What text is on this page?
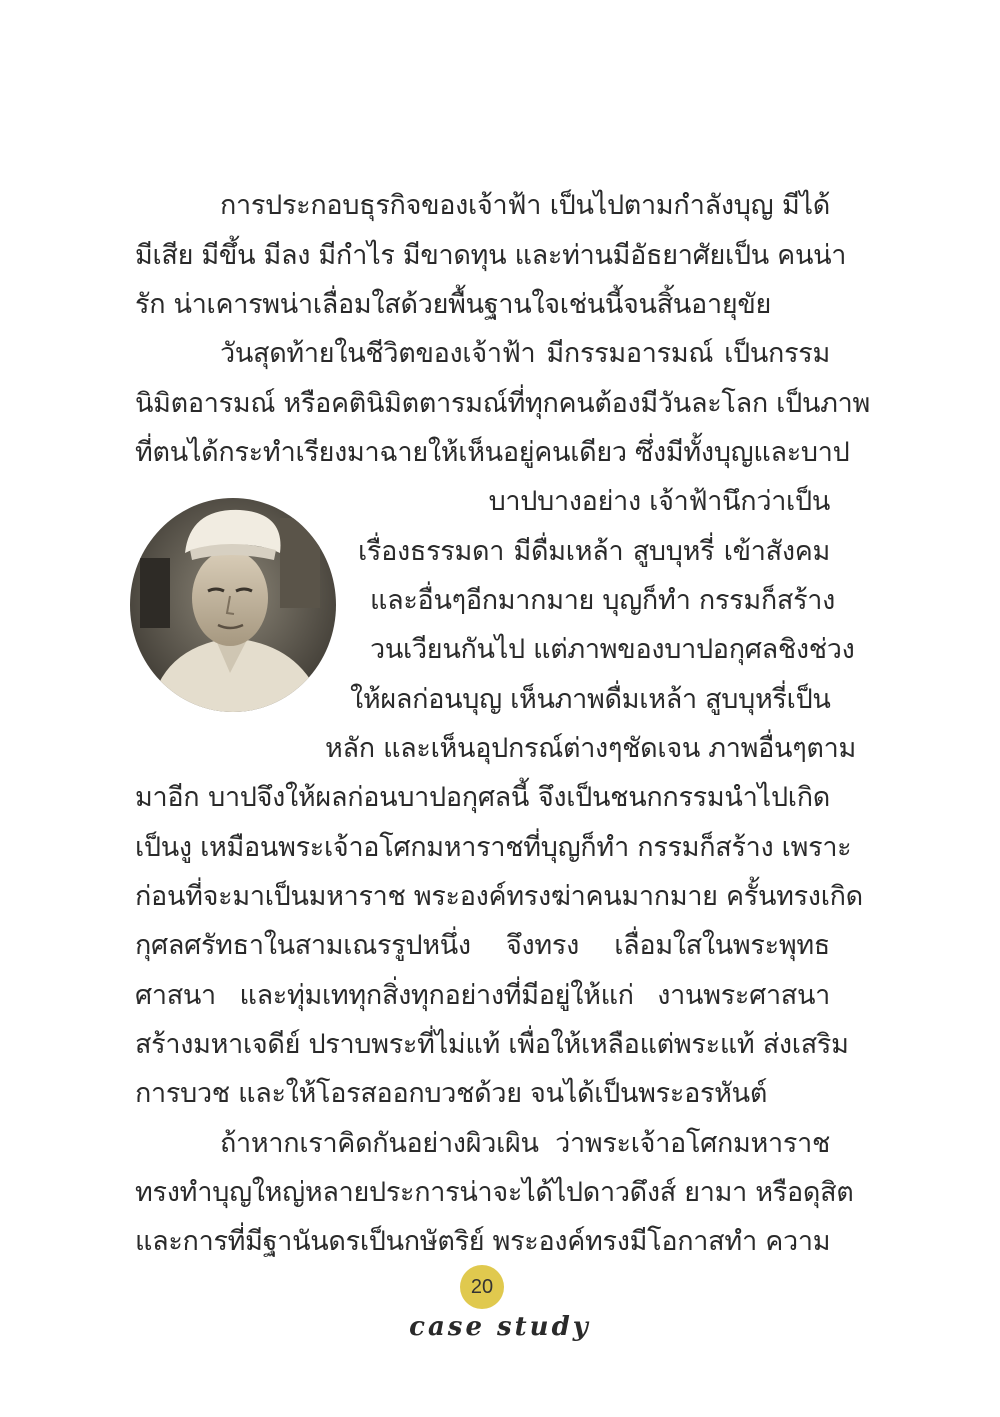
การประกอบธุรกิจของเจ้าฟ้า เป็นไปตามกำลังบุญ มีได้
มีเสีย มีขึ้น มีลง มีกำไร มีขาดทุน และท่านมีอัธยาศัยเป็น คนน่า
รัก น่าเคารพน่าเลื่อมใสด้วยพื้นฐานใจเช่นนี้จนสิ้นอายุขัย
วันสุดท้ายในชีวิตของเจ้าฟ้า มีกรรมอารมณ์ เป็นกรรม
นิมิตอารมณ์ หรือคตินิมิตตารมณ์ที่ทุกคนต้องมีวันละโลก เป็นภาพ
ที่ตนได้กระทำเรียงมาฉายให้เห็นอยู่คนเดียว ซึ่งมีทั้งบุญและบาป
บาปบางอย่าง เจ้าฟ้านึกว่าเป็น
เรื่องธรรมดา มีดื่มเหล้า สูบบุหรี่ เข้าสังคม
และอื่นๆอีกมากมาย บุญก็ทำ กรรมก็สร้าง
วนเวียนกันไป แต่ภาพของบาปอกุศลชิงช่วง
ให้ผลก่อนบุญ เห็นภาพดื่มเหล้า สูบบุหรี่เป็น
หลัก และเห็นอุปกรณ์ต่างๆชัดเจน ภาพอื่นๆตาม
มาอีก บาปจึงให้ผลก่อนบาปอกุศลนี้ จึงเป็นชนกกรรมนำไปเกิด
เป็นงู เหมือนพระเจ้าอโศกมหาราชที่บุญก็ทำ กรรมก็สร้าง เพราะ
ก่อนที่จะมาเป็นมหาราช พระองค์ทรงฆ่าคนมากมาย ครั้นทรงเกิด
กุศลศรัทธาในสามเณรรูปหนึ่ง จึงทรง เลื่อมใสในพระพุทธ
ศาสนา และทุ่มเททุกสิ่งทุกอย่างที่มีอยู่ให้แก่ งานพระศาสนา
สร้างมหาเจดีย์ ปราบพระที่ไม่แท้ เพื่อให้เหลือแต่พระแท้ ส่งเสริม
การบวช และให้โอรสออกบวชด้วย จนได้เป็นพระอรหันต์
ถ้าหากเราคิดกันอย่างผิวเผิน ว่าพระเจ้าอโศกมหาราช
ทรงทำบุญใหญ่หลายประการน่าจะได้ไปดาวดึงส์ ยามา หรือดุสิต
และการที่มีฐานันดรเป็นกษัตริย์ พระองค์ทรงมีโอกาสทำ ความ
20
case study
